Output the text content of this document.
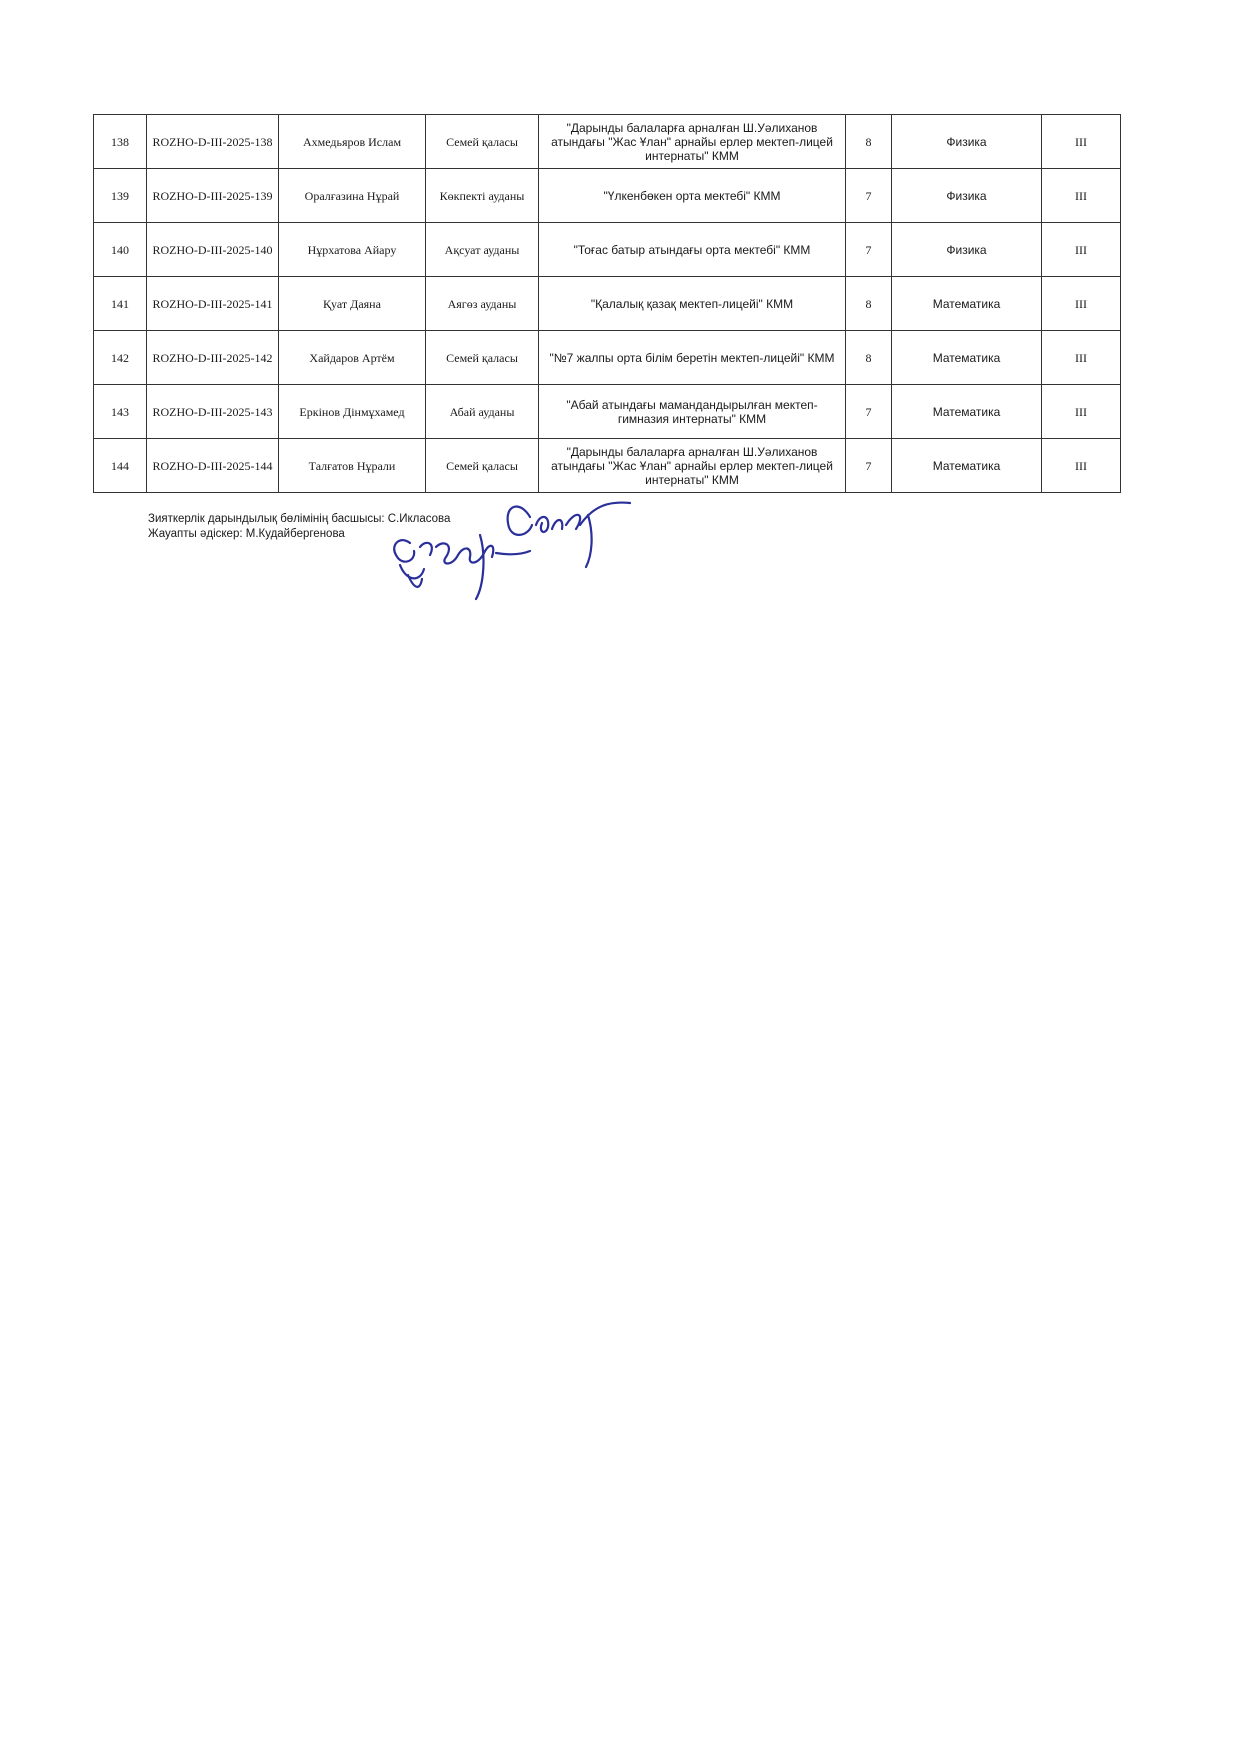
138	ROZHO-D-III-2025-138	Ахмедьяров Ислам	Семей қаласы	"Дарынды балаларға арналған Ш.Уәлиханов атындағы "Жас Ұлан" арнайы ерлер мектеп-лицей интернаты" КММ	8	Физика	III
139	ROZHO-D-III-2025-139	Оралғазина Нұрай	Көкпекті ауданы	"Үлкенбөкен орта мектебі" КММ	7	Физика	III
140	ROZHO-D-III-2025-140	Нұрхатова Айару	Ақсуат ауданы	"Тоғас батыр атындағы орта мектебі" КММ	7	Физика	III
141	ROZHO-D-III-2025-141	Қуат Даяна	Аягөз ауданы	"Қалалық қазақ мектеп-лицейі" КММ	8	Математика	III
142	ROZHO-D-III-2025-142	Хайдаров Артём	Семей қаласы	"№7 жалпы орта білім беретін мектеп-лицейі" КММ	8	Математика	III
143	ROZHO-D-III-2025-143	Еркінов Дінмұхамед	Абай ауданы	"Абай атындағы мамандандырылған мектеп- гимназия интернаты" КММ	7	Математика	III
144	ROZHO-D-III-2025-144	Талғатов Нұрали	Семей қаласы	"Дарынды балаларға арналған Ш.Уәлиханов атындағы "Жас Ұлан" арнайы ерлер мектеп-лицей интернаты" КММ	7	Математика	III
Зияткерлік дарындылық бөлімінің басшысы: С.Икласова
Жауапты әдіскер: М.Кудайбергенова
